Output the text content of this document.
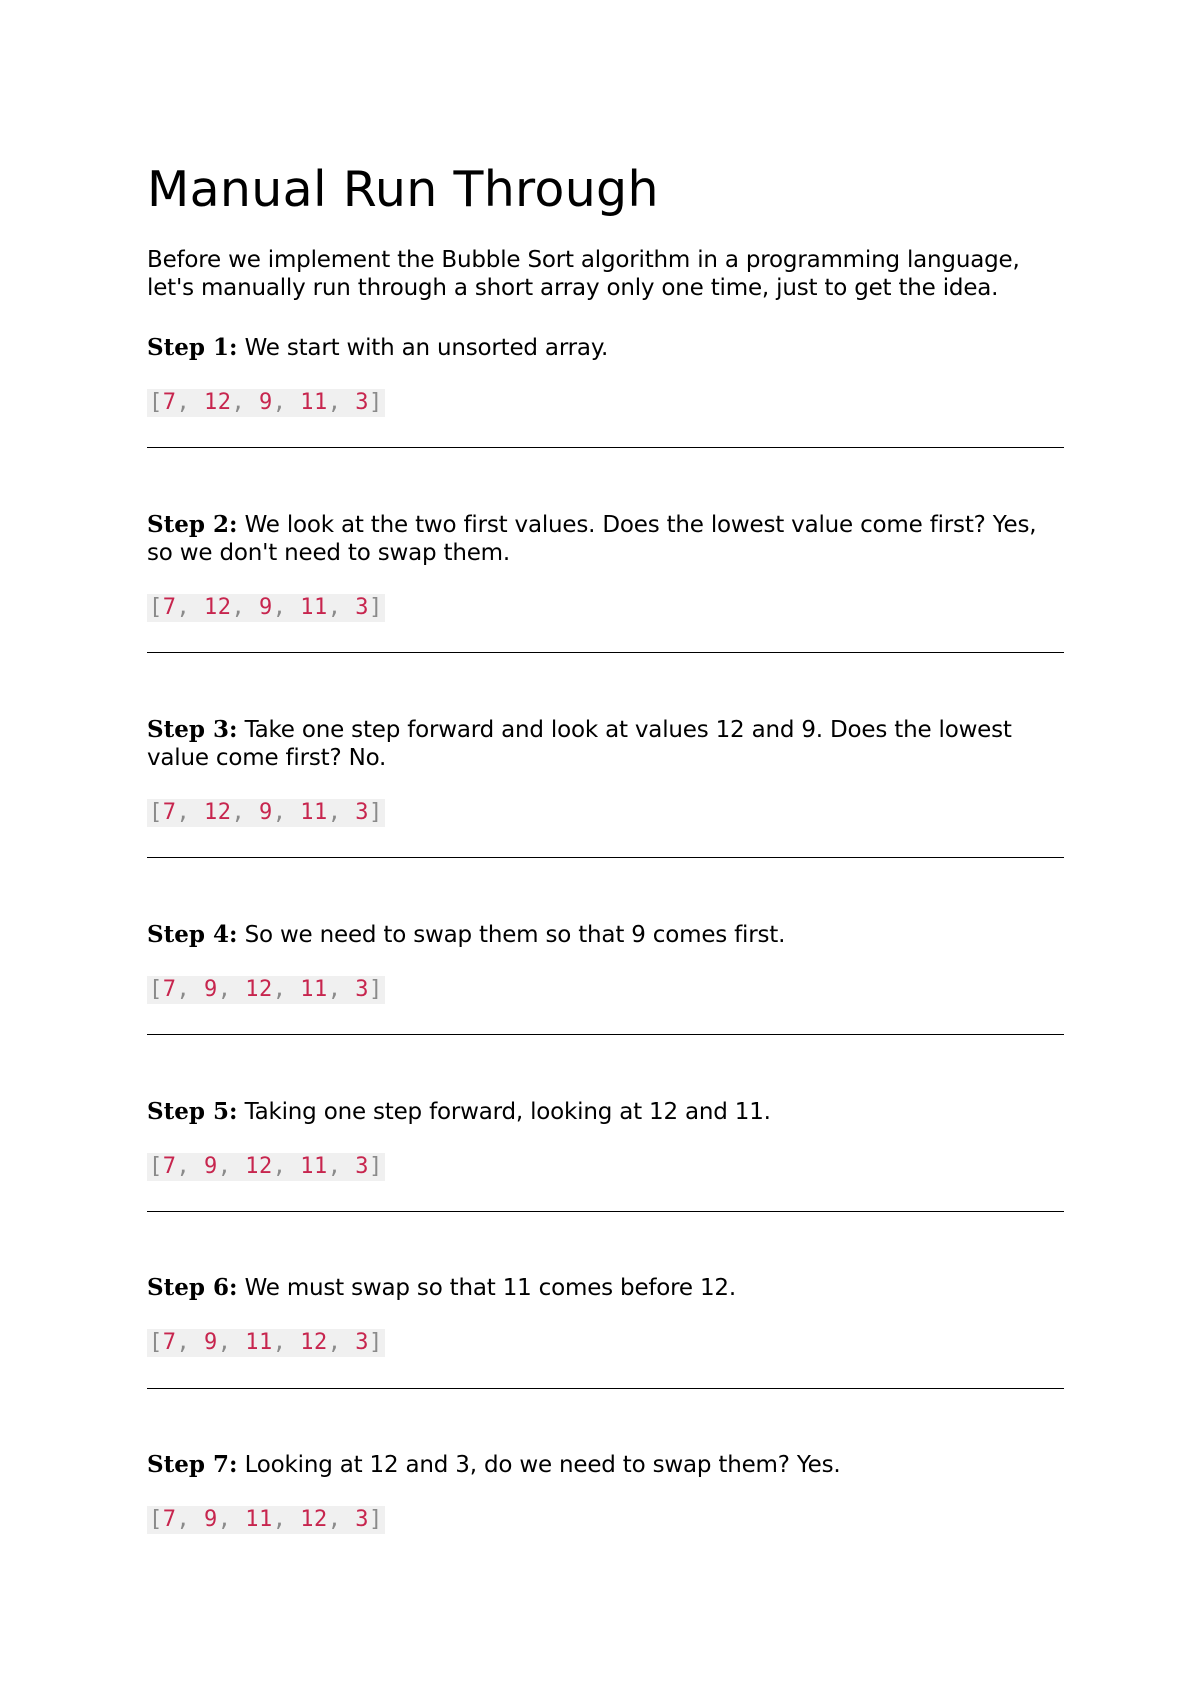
Manual Run Through

Before we implement the Bubble Sort algorithm in a programming language, let's manually run through a short array only one time, just to get the idea.

Step 1: We start with an unsorted array.

[7, 12, 9, 11, 3]

Step 2: We look at the two first values. Does the lowest value come first? Yes, so we don't need to swap them.

[7, 12, 9, 11, 3]

Step 3: Take one step forward and look at values 12 and 9. Does the lowest value come first? No.

[7, 12, 9, 11, 3]

Step 4: So we need to swap them so that 9 comes first.

[7, 9, 12, 11, 3]

Step 5: Taking one step forward, looking at 12 and 11.

[7, 9, 12, 11, 3]

Step 6: We must swap so that 11 comes before 12.

[7, 9, 11, 12, 3]

Step 7: Looking at 12 and 3, do we need to swap them? Yes.

[7, 9, 11, 12, 3]
